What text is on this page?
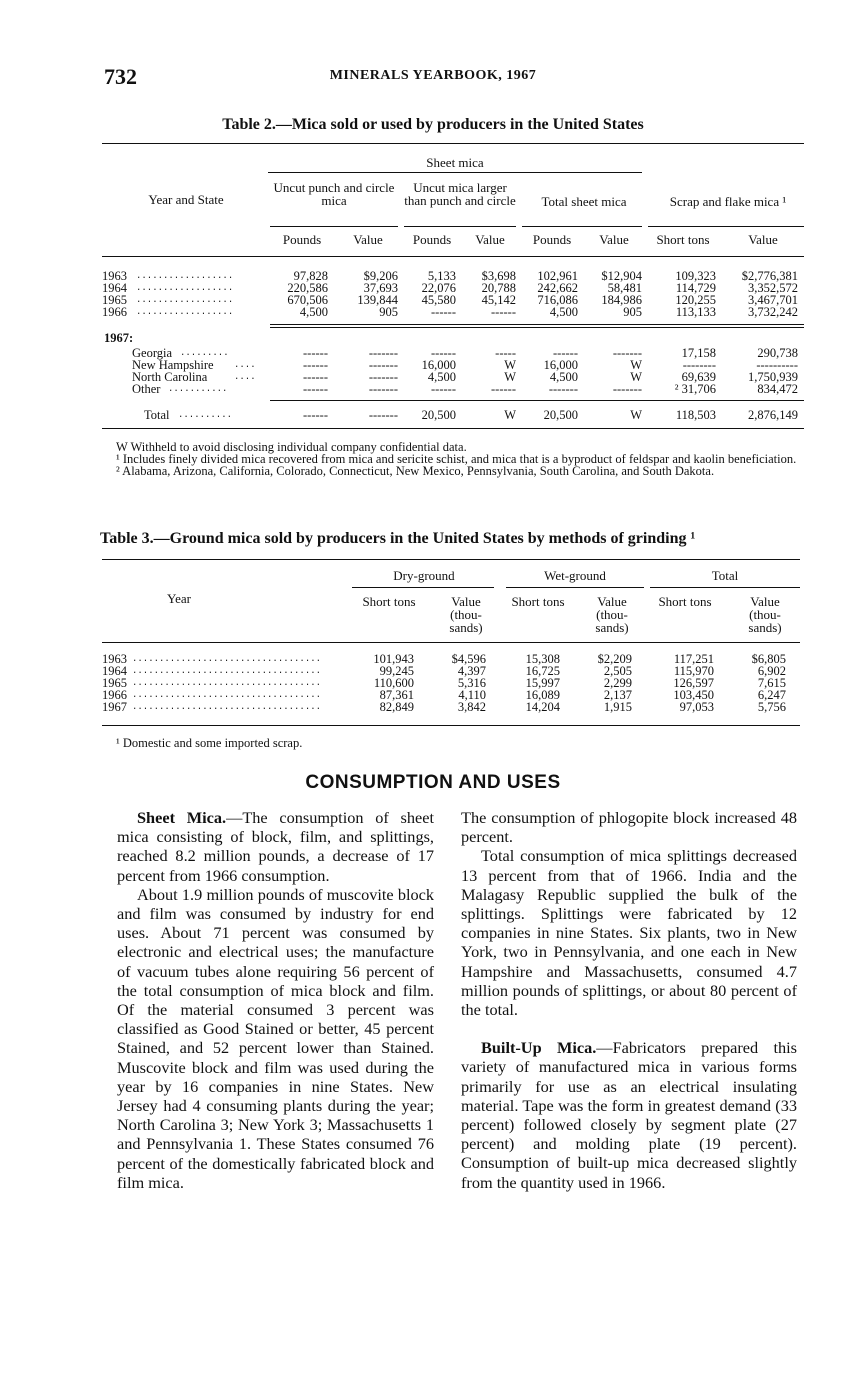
732	MINERALS YEARBOOK, 1967
Table 2.—Mica sold or used by producers in the United States
Year and State
Sheet mica
Uncut punch and circle mica
Uncut mica larger than punch and circle	Total sheet mica	Scrap and flake mica ¹
Pounds	Value	Pounds	Value	Pounds	Value	Short tons	Value
1963 ..................	97,828	$9,206	5,133	$3,698	102,961	$12,904	109,323	$2,776,381
1964 ..................	220,586	37,693	22,076	20,788	242,662	58,481	114,729	3,352,572
1965 ..................	670,506	139,844	45,580	45,142	716,086	184,986	120,255	3,467,701
1966 ..................	4,500	905	------	------	4,500	905	113,133	3,732,242
1967:
Georgia .........	------	-------	------	-----	------	-------	17,158	290,738
New Hampshire ....	------	-------	16,000	W	16,000	W	--------	----------
North Carolina	....	------	-------	4,500	W	4,500	W	69,639	1,750,939
Other ...........	------	-------	------	------	-------	-------	² 31,706	834,472
Total ..........	------	-------	20,500	W	20,500	W	118,503	2,876,149
W Withheld to avoid disclosing individual company confidential data.
¹ Includes finely divided mica recovered from mica and sericite schist, and mica that is a byproduct of feldspar and kaolin beneficiation.
² Alabama, Arizona, California, Colorado, Connecticut, New Mexico, Pennsylvania, South Carolina, and South Dakota.
Table 3.—Ground mica sold by producers in the United States by methods of grinding ¹
Year
Dry-ground	Wet-ground	Total
Short tons	Value (thou- sands)
Short tons	Value (thou- sands)
Short tons	Value (thou- sands)
1963 ...................................	101,943	$4,596	15,308	$2,209	117,251	$6,805
1964 ...................................	99,245	4,397	16,725	2,505	115,970	6,902
1965 ...................................	110,600	5,316	15,997	2,299	126,597	7,615
1966 ...................................	87,361	4,110	16,089	2,137	103,450	6,247
1967 ...................................	82,849	3,842	14,204	1,915	97,053	5,756
¹ Domestic and some imported scrap.
CONSUMPTION AND USES

Sheet Mica.—The consumption of sheet mica consisting of block, film, and splittings, reached 8.2 million pounds, a decrease of 17 percent from 1966 consumption.

About 1.9 million pounds of muscovite block and film was consumed by industry for end uses. About 71 percent was consumed by electronic and electrical uses; the manufacture of vacuum tubes alone requiring 56 percent of the total consumption of mica block and film. Of the material consumed 3 percent was classified as Good Stained or better, 45 percent Stained, and 52 percent lower than Stained. Muscovite block and film was used during the year by 16 companies in nine States. New Jersey had 4 consuming plants during the year; North Carolina 3; New York 3; Massachusetts 1 and Pennsylvania 1. These States consumed 76 percent of the domestically fabricated block and film mica.

The consumption of phlogopite block increased 48 percent.

Total consumption of mica splittings decreased 13 percent from that of 1966. India and the Malagasy Republic supplied the bulk of the splittings. Splittings were fabricated by 12 companies in nine States. Six plants, two in New York, two in Pennsylvania, and one each in New Hampshire and Massachusetts, consumed 4.7 million pounds of splittings, or about 80 percent of the total.

Built-Up Mica.—Fabricators prepared this variety of manufactured mica in various forms primarily for use as an electrical insulating material. Tape was the form in greatest demand (33 percent) followed closely by segment plate (27 percent) and molding plate (19 percent). Consumption of built-up mica decreased slightly from the quantity used in 1966.
